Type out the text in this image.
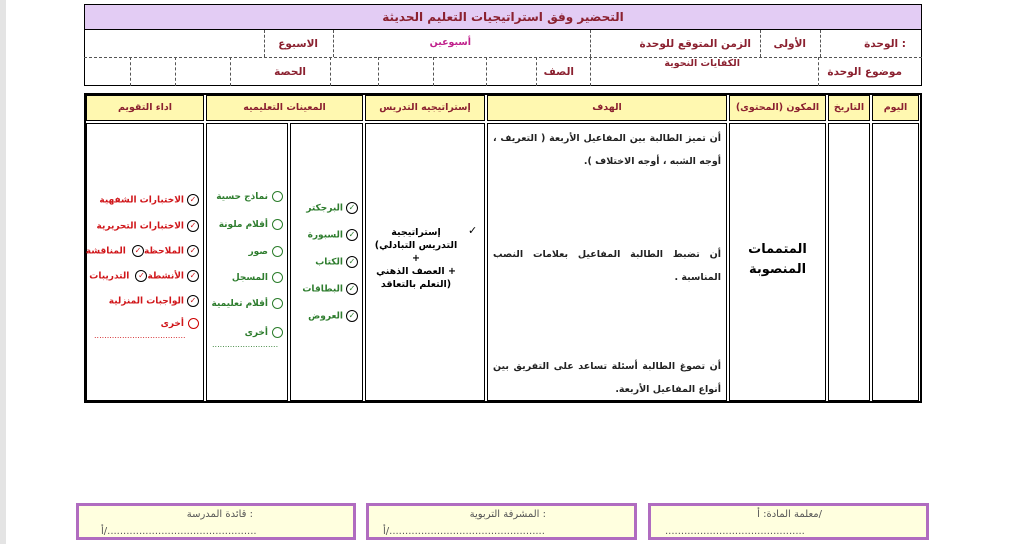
التحضير وفق استراتيجيات التعليم الحديثة
الوحدة :
الأولى
الزمن المتوقع للوحدة
أسبوعين
الاسبوع
موضوع الوحدة
الكفايات النحوية
الصف
الحصة
اليوم
التاريخ
المكون (المحتوى)
الهدف
إستراتيجيه التدريس
المعينات التعليميه
اداء التقويم
المتممات
المنصوبة
أن تميز الطالبة بين المفاعيل الأربعة ( التعريف ، أوجه الشبه ، أوجه الاختلاف ).
أن تضبط الطالبة المفاعيل بعلامات النصب المناسبة .
أن تصوغ الطالبة أسئلة تساعد على التفريق بين أنواع المفاعيل الأربعة.
✓
إستراتيجية
(التدريس التبادلي +
العصف الذهني +
التعلم بالتعاقد)
البرجكتر ✓
السبورة ✓
الكتاب ✓
البطاقات ✓
العروض ✓
نماذج حسية
أقلام ملونة
صور
المسجل
أقلام تعليمية
أخرى
..........................
الاختبارات الشفهية ✓
الاختبارات التحريرية ✓
الملاحظة✓ المناقشة	✓
الأنشطة✓ التدريبات	✓
الواجبات المنزلية ✓
أخرى
....................................
معلمة المادة: أ/
............................................
المشرفة التربوية :
أ/.................................................
قائدة المدرسة :
أ/...............................................
